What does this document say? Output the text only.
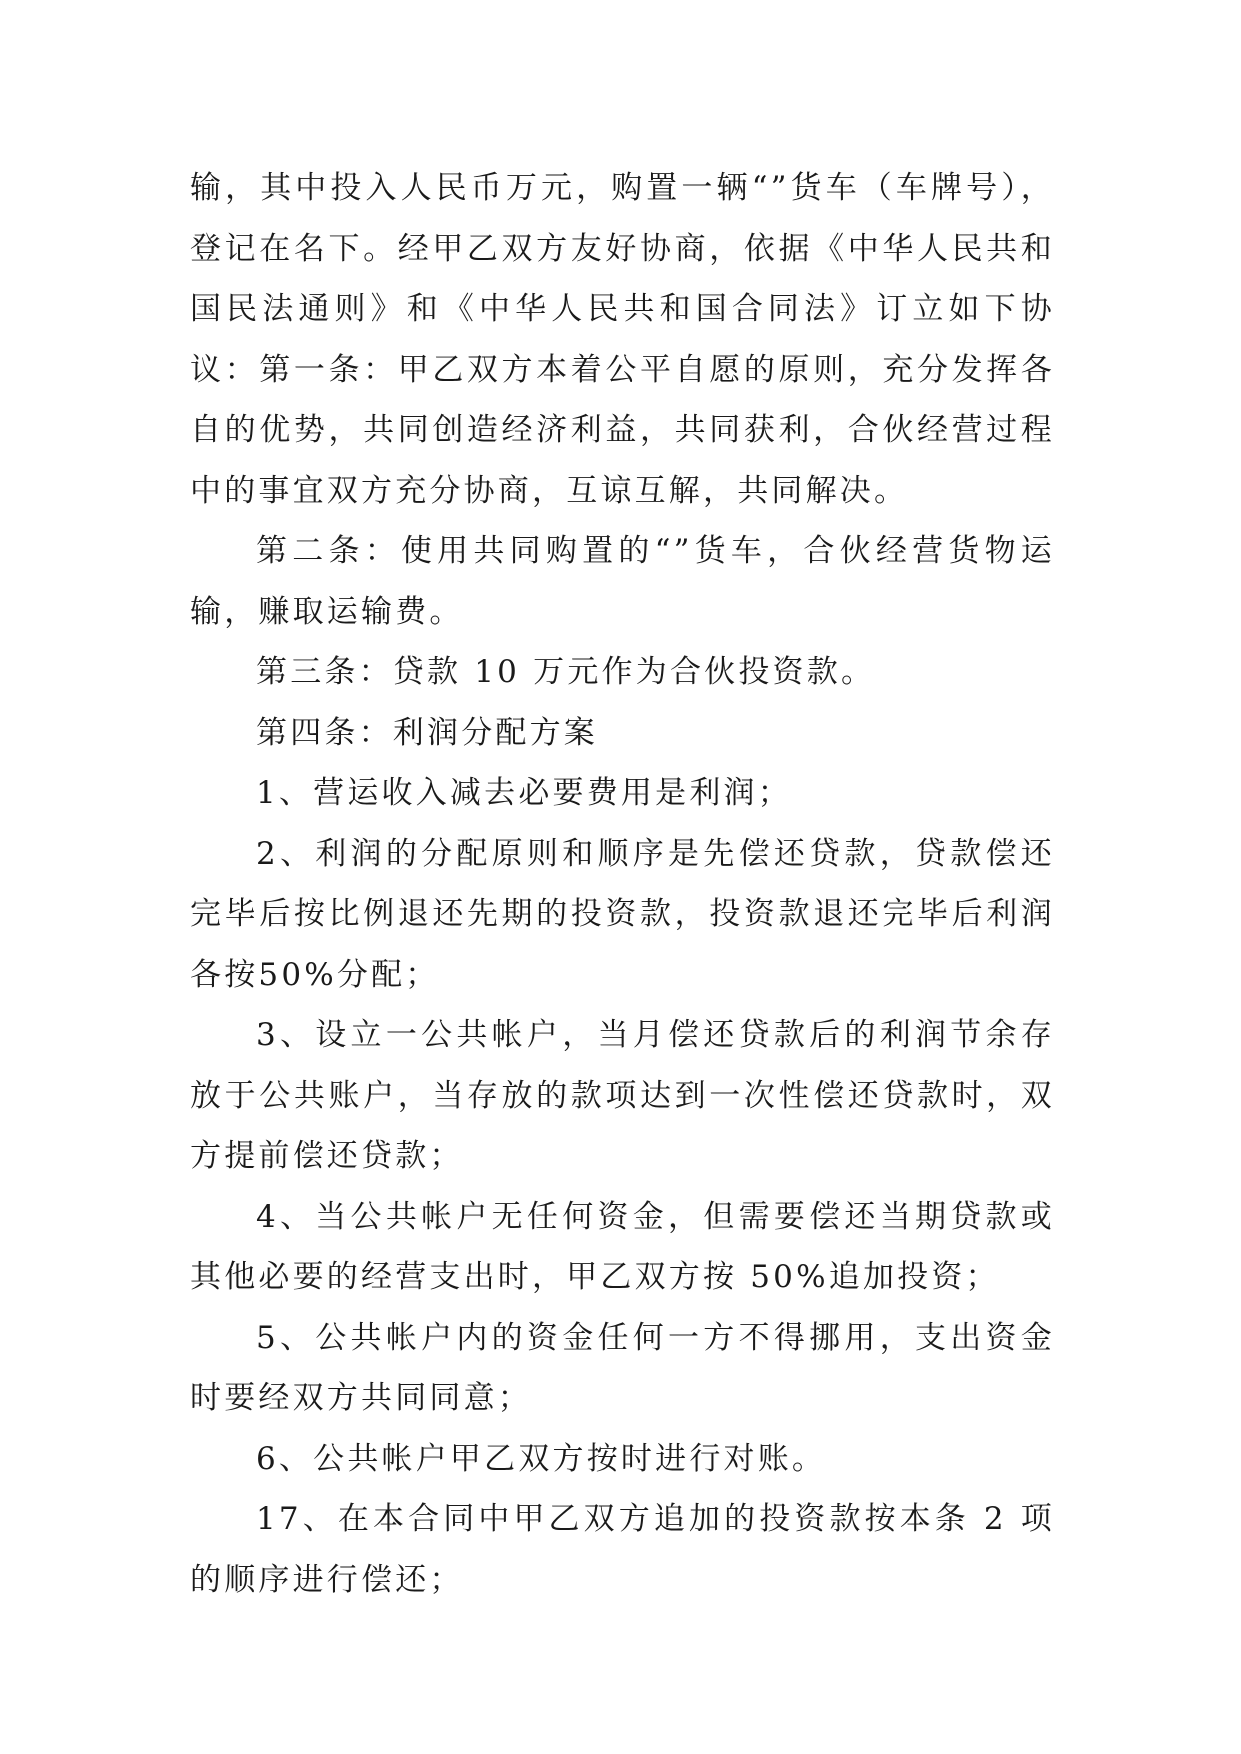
输，其中投入人民币万元，购置一辆“”货车（车牌号），登记在名下。经甲乙双方友好协商，依据《中华人民共和国民法通则》和《中华人民共和国合同法》订立如下协议：第一条：甲乙双方本着公平自愿的原则，充分发挥各自的优势，共同创造经济利益，共同获利，合伙经营过程中的事宜双方充分协商，互谅互解，共同解决。

第二条：使用共同购置的“”货车，合伙经营货物运输，赚取运输费。

第三条：贷款 10 万元作为合伙投资款。

第四条：利润分配方案

1、营运收入减去必要费用是利润；

2、利润的分配原则和顺序是先偿还贷款，贷款偿还完毕后按比例退还先期的投资款，投资款退还完毕后利润各按50%分配；

3、设立一公共帐户，当月偿还贷款后的利润节余存放于公共账户，当存放的款项达到一次性偿还贷款时，双方提前偿还贷款；

4、当公共帐户无任何资金，但需要偿还当期贷款或其他必要的经营支出时，甲乙双方按 50%追加投资；

5、公共帐户内的资金任何一方不得挪用，支出资金时要经双方共同同意；

6、公共帐户甲乙双方按时进行对账。

17、在本合同中甲乙双方追加的投资款按本条 2 项的顺序进行偿还；
